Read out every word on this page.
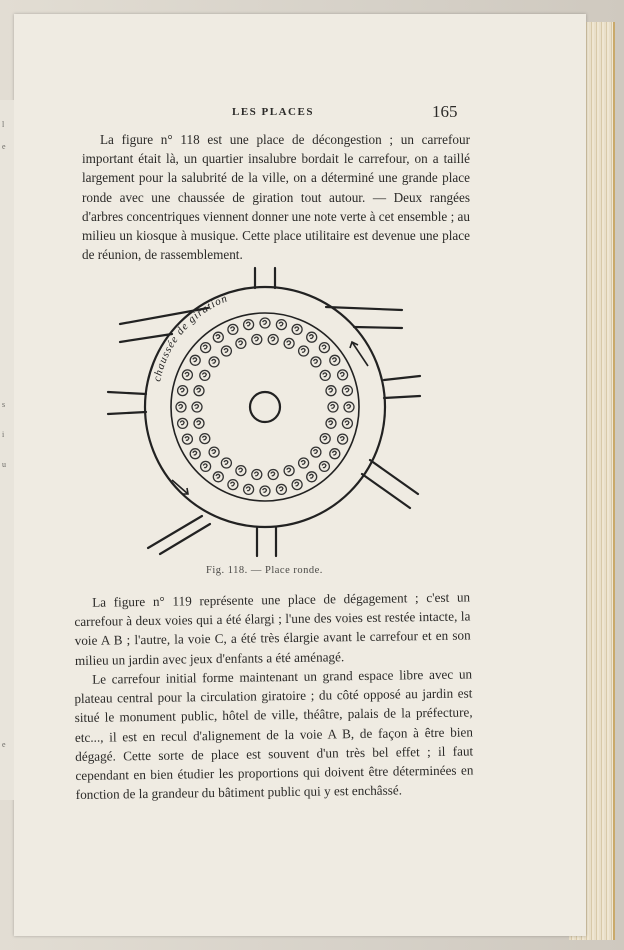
l
e
s
i
u
e
LES PLACES	165
La figure n° 118 est une place de décongestion ; un carrefour important était là, un quartier insalubre bordait le carrefour, on a taillé largement pour la salubrité de la ville, on a déterminé une grande place ronde avec une chaussée de giration tout autour. — Deux rangées d'arbres concentriques viennent donner une note verte à cet ensemble ; au milieu un kiosque à musique. Cette place utilitaire est devenue une place de réunion, de rassemblement.
chaussée de giration
Fig. 118. — Place ronde.
La figure n° 119 représente une place de dégagement ; c'est un carrefour à deux voies qui a été élargi ; l'une des voies est restée intacte, la voie A B ; l'autre, la voie C, a été très élargie avant le carrefour et en son milieu un jardin avec jeux d'enfants a été aménagé.
Le carrefour initial forme maintenant un grand espace libre avec un plateau central pour la circulation giratoire ; du côté opposé au jardin est situé le monument public, hôtel de ville, théâtre, palais de la préfecture, etc..., il est en recul d'alignement de la voie A B, de façon à être bien dégagé. Cette sorte de place est souvent d'un très bel effet ; il faut cependant en bien étudier les proportions qui doivent être déterminées en fonction de la grandeur du bâtiment public qui y est enchâssé.
